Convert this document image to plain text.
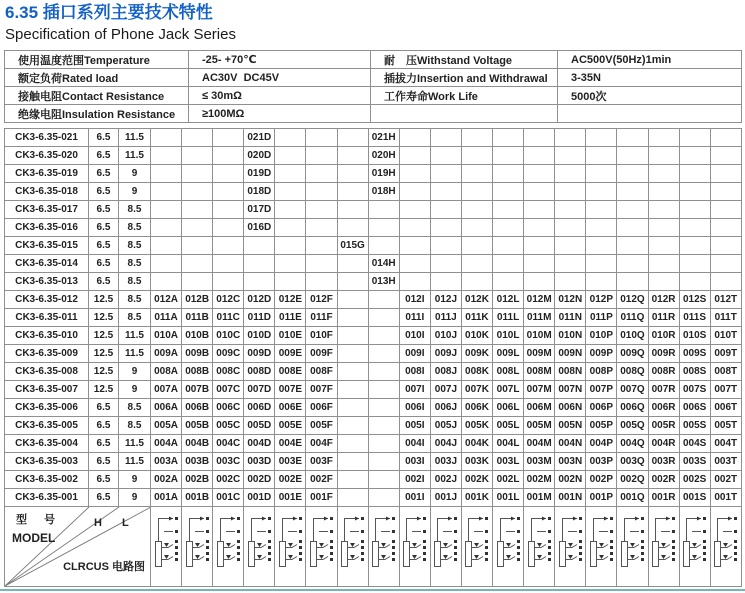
6.35 插口系列主要技术特性
Specification of Phone Jack Series
使用温度范围Temperature	-25- +70℃	耐　压Withstand Voltage	AC500V(50Hz)1min
额定负荷Rated load	AC30V  DC45V	插拔力Insertion and Withdrawal	3-35N
接触电阻Contact Resistance	≤ 30mΩ	工作寿命Work Life	5000次
绝缘电阻Insulation Resistance	≥100MΩ		
CK3-6.35-021	6.5	11.5				021D				021H											
CK3-6.35-020	6.5	11.5				020D				020H											
CK3-6.35-019	6.5	9				019D				019H											
CK3-6.35-018	6.5	9				018D				018H											
CK3-6.35-017	6.5	8.5				017D															
CK3-6.35-016	6.5	8.5				016D															
CK3-6.35-015	6.5	8.5							015G												
CK3-6.35-014	6.5	8.5								014H											
CK3-6.35-013	6.5	8.5								013H											
CK3-6.35-012	12.5	8.5	012A	012B	012C	012D	012E	012F			012I	012J	012K	012L	012M	012N	012P	012Q	012R	012S	012T
CK3-6.35-011	12.5	8.5	011A	011B	011C	011D	011E	011F			011I	011J	011K	011L	011M	011N	011P	011Q	011R	011S	011T
CK3-6.35-010	12.5	11.5	010A	010B	010C	010D	010E	010F			010I	010J	010K	010L	010M	010N	010P	010Q	010R	010S	010T
CK3-6.35-009	12.5	11.5	009A	009B	009C	009D	009E	009F			009I	009J	009K	009L	009M	009N	009P	009Q	009R	009S	009T
CK3-6.35-008	12.5	9	008A	008B	008C	008D	008E	008F			008I	008J	008K	008L	008M	008N	008P	008Q	008R	008S	008T
CK3-6.35-007	12.5	9	007A	007B	007C	007D	007E	007F			007I	007J	007K	007L	007M	007N	007P	007Q	007R	007S	007T
CK3-6.35-006	6.5	8.5	006A	006B	006C	006D	006E	006F			006I	006J	006K	006L	006M	006N	006P	006Q	006R	006S	006T
CK3-6.35-005	6.5	8.5	005A	005B	005C	005D	005E	005F			005I	005J	005K	005L	005M	005N	005P	005Q	005R	005S	005T
CK3-6.35-004	6.5	11.5	004A	004B	004C	004D	004E	004F			004I	004J	004K	004L	004M	004N	004P	004Q	004R	004S	004T
CK3-6.35-003	6.5	11.5	003A	003B	003C	003D	003E	003F			003I	003J	003K	003L	003M	003N	003P	003Q	003R	003S	003T
CK3-6.35-002	6.5	9	002A	002B	002C	002D	002E	002F			002I	002J	002K	002L	002M	002N	002P	002Q	002R	002S	002T
CK3-6.35-001	6.5	9	001A	001B	001C	001D	001E	001F			001I	001J	001K	001L	001M	001N	001P	001Q	001R	001S	001T

型 号
MODEL
H L
CLRCUS 电路图
